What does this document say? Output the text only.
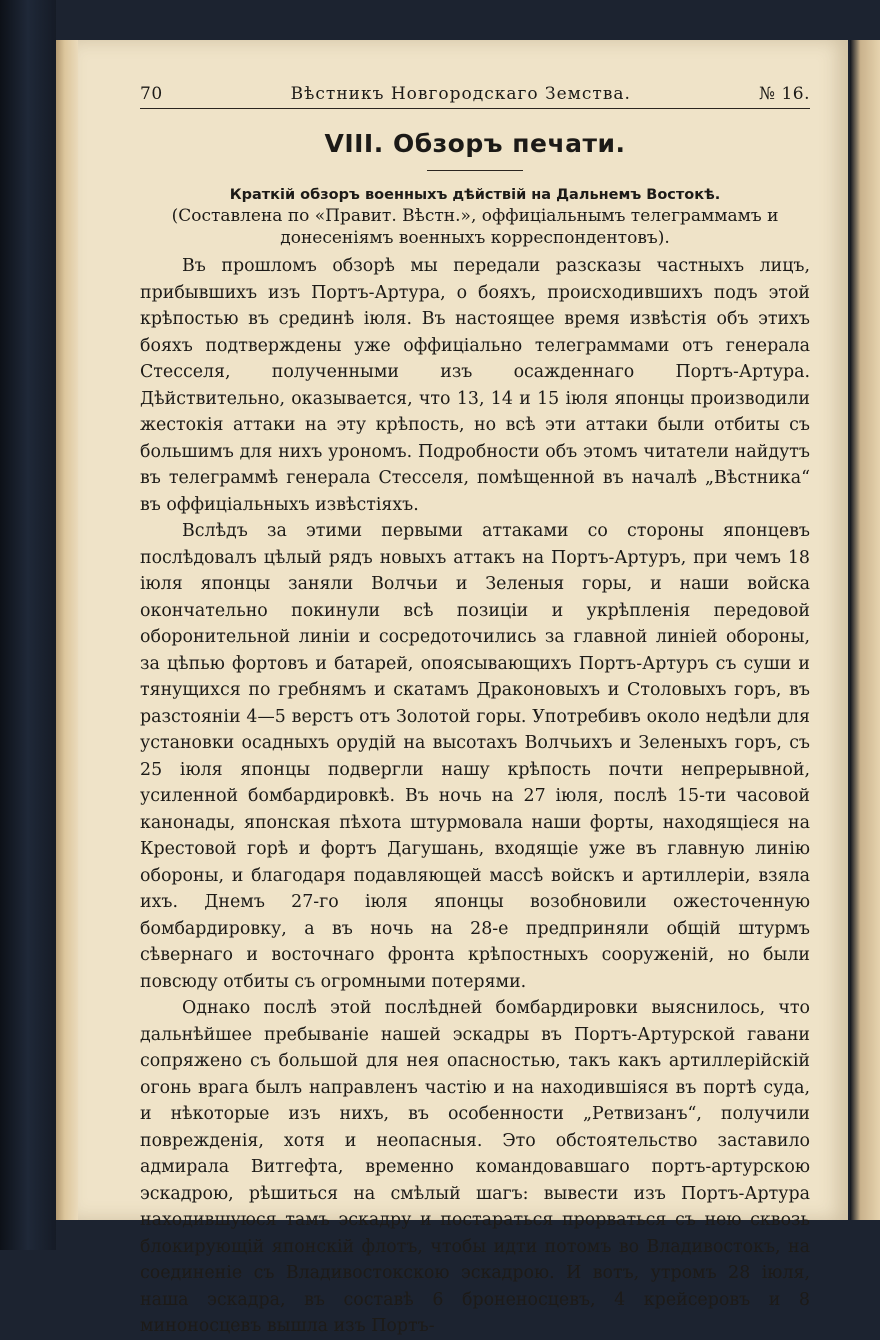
70	Вѣстникъ Новгородскаго Земства.	№ 16.
VIII. Обзоръ печати.
Краткiй обзоръ военныхъ дѣйствiй на Дальнемъ Востокѣ.
(Составлена по «Правит. Вѣстн.», оффицiальнымъ телеграммамъ и донесенiямъ военныхъ корреспондентовъ).

Въ прошломъ обзорѣ мы передали разсказы частныхъ лицъ, прибывшихъ изъ Портъ-Артура, о бояхъ, происходившихъ подъ этой крѣпостью въ срединѣ iюля. Въ настоящее время извѣстiя объ этихъ бояхъ подтверждены уже оффицiально телеграммами отъ генерала Стесселя, полученными изъ осажденнаго Портъ-Артура. Дѣйствительно, оказывается, что 13, 14 и 15 iюля японцы производили жестокiя аттаки на эту крѣпость, но всѣ эти аттаки были отбиты съ большимъ для нихъ урономъ. Подробности объ этомъ читатели найдутъ въ телеграммѣ генерала Стесселя, помѣщенной въ началѣ „Вѣстника“ въ оффицiальныхъ извѣстiяхъ.

Вслѣдъ за этими первыми аттаками со стороны японцевъ послѣдовалъ цѣлый рядъ новыхъ аттакъ на Портъ-Артуръ, при чемъ 18 iюля японцы заняли Волчьи и Зеленыя горы, и наши войска окончательно покинули всѣ позицiи и укрѣпленiя передовой оборонительной линiи и сосредоточились за главной линiей обороны, за цѣпью фортовъ и батарей, опоясывающихъ Портъ-Артуръ съ суши и тянущихся по гребнямъ и скатамъ Драконовыхъ и Столовыхъ горъ, въ разстоянiи 4—5 верстъ отъ Золотой горы. Употребивъ около недѣли для установки осадныхъ орудiй на высотахъ Волчьихъ и Зеленыхъ горъ, съ 25 iюля японцы подвергли нашу крѣпость почти непрерывной, усиленной бомбардировкѣ. Въ ночь на 27 iюля, послѣ 15-ти часовой канонады, японская пѣхота штурмовала наши форты, находящiеся на Крестовой горѣ и фортъ Дагушань, входящiе уже въ главную линiю обороны, и благодаря подавляющей массѣ войскъ и артиллерiи, взяла ихъ. Днемъ 27-го iюля японцы возобновили ожесточенную бомбардировку, а въ ночь на 28-е предприняли общiй штурмъ сѣвернаго и восточнаго фронта крѣпостныхъ сооруженiй, но были повсюду отбиты съ огромными потерями.

Однако послѣ этой послѣдней бомбардировки выяснилось, что дальнѣйшее пребыванiе нашей эскадры въ Портъ-Артурской гавани сопряжено съ большой для нея опасностью, такъ какъ артиллерiйскiй огонь врага былъ направленъ частiю и на находившiяся въ портѣ суда, и нѣкоторые изъ нихъ, въ особенности „Ретвизанъ“, получили поврежденiя, хотя и неопасныя. Это обстоятельство заставило адмирала Витгефта, временно командовавшаго портъ-артурскою эскадрою, рѣшиться на смѣлый шагъ: вывести изъ Портъ-Артура находившуюся тамъ эскадру и постараться прорваться съ нею сквозь блокирующiй японскiй флотъ, чтобы идти потомъ во Владивостокъ, на соединенiе съ Владивостокскою эскадрою. И вотъ, утромъ 28 iюля, наша эскадра, въ составѣ 6 броненосцевъ, 4 крейсеровъ и 8 миноносцевъ вышла изъ Портъ-
